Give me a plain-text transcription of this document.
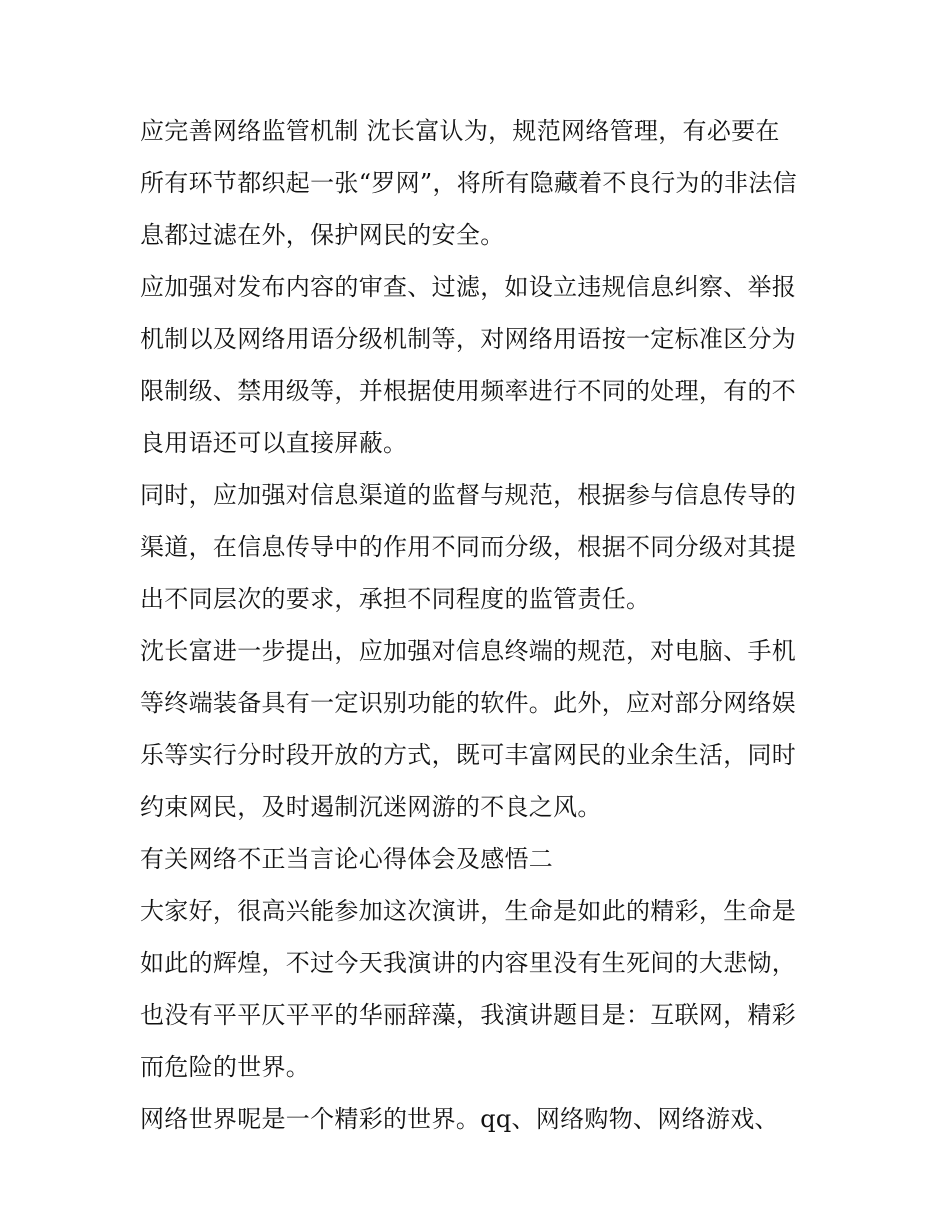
应完善网络监管机制 沈长富认为，规范网络管理，有必要在
所有环节都织起一张“罗网”，将所有隐藏着不良行为的非法信
息都过滤在外，保护网民的安全。

应加强对发布内容的审查、过滤，如设立违规信息纠察、举报
机制以及网络用语分级机制等，对网络用语按一定标准区分为
限制级、禁用级等，并根据使用频率进行不同的处理，有的不
良用语还可以直接屏蔽。

同时，应加强对信息渠道的监督与规范，根据参与信息传导的
渠道，在信息传导中的作用不同而分级，根据不同分级对其提
出不同层次的要求，承担不同程度的监管责任。

沈长富进一步提出，应加强对信息终端的规范，对电脑、手机
等终端装备具有一定识别功能的软件。此外，应对部分网络娱
乐等实行分时段开放的方式，既可丰富网民的业余生活，同时
约束网民，及时遏制沉迷网游的不良之风。

有关网络不正当言论心得体会及感悟二

大家好，很高兴能参加这次演讲，生命是如此的精彩，生命是
如此的辉煌，不过今天我演讲的内容里没有生死间的大悲恸，
也没有平平仄平平的华丽辞藻，我演讲题目是：互联网，精彩
而危险的世界。

网络世界呢是一个精彩的世界。qq、网络购物、网络游戏、
